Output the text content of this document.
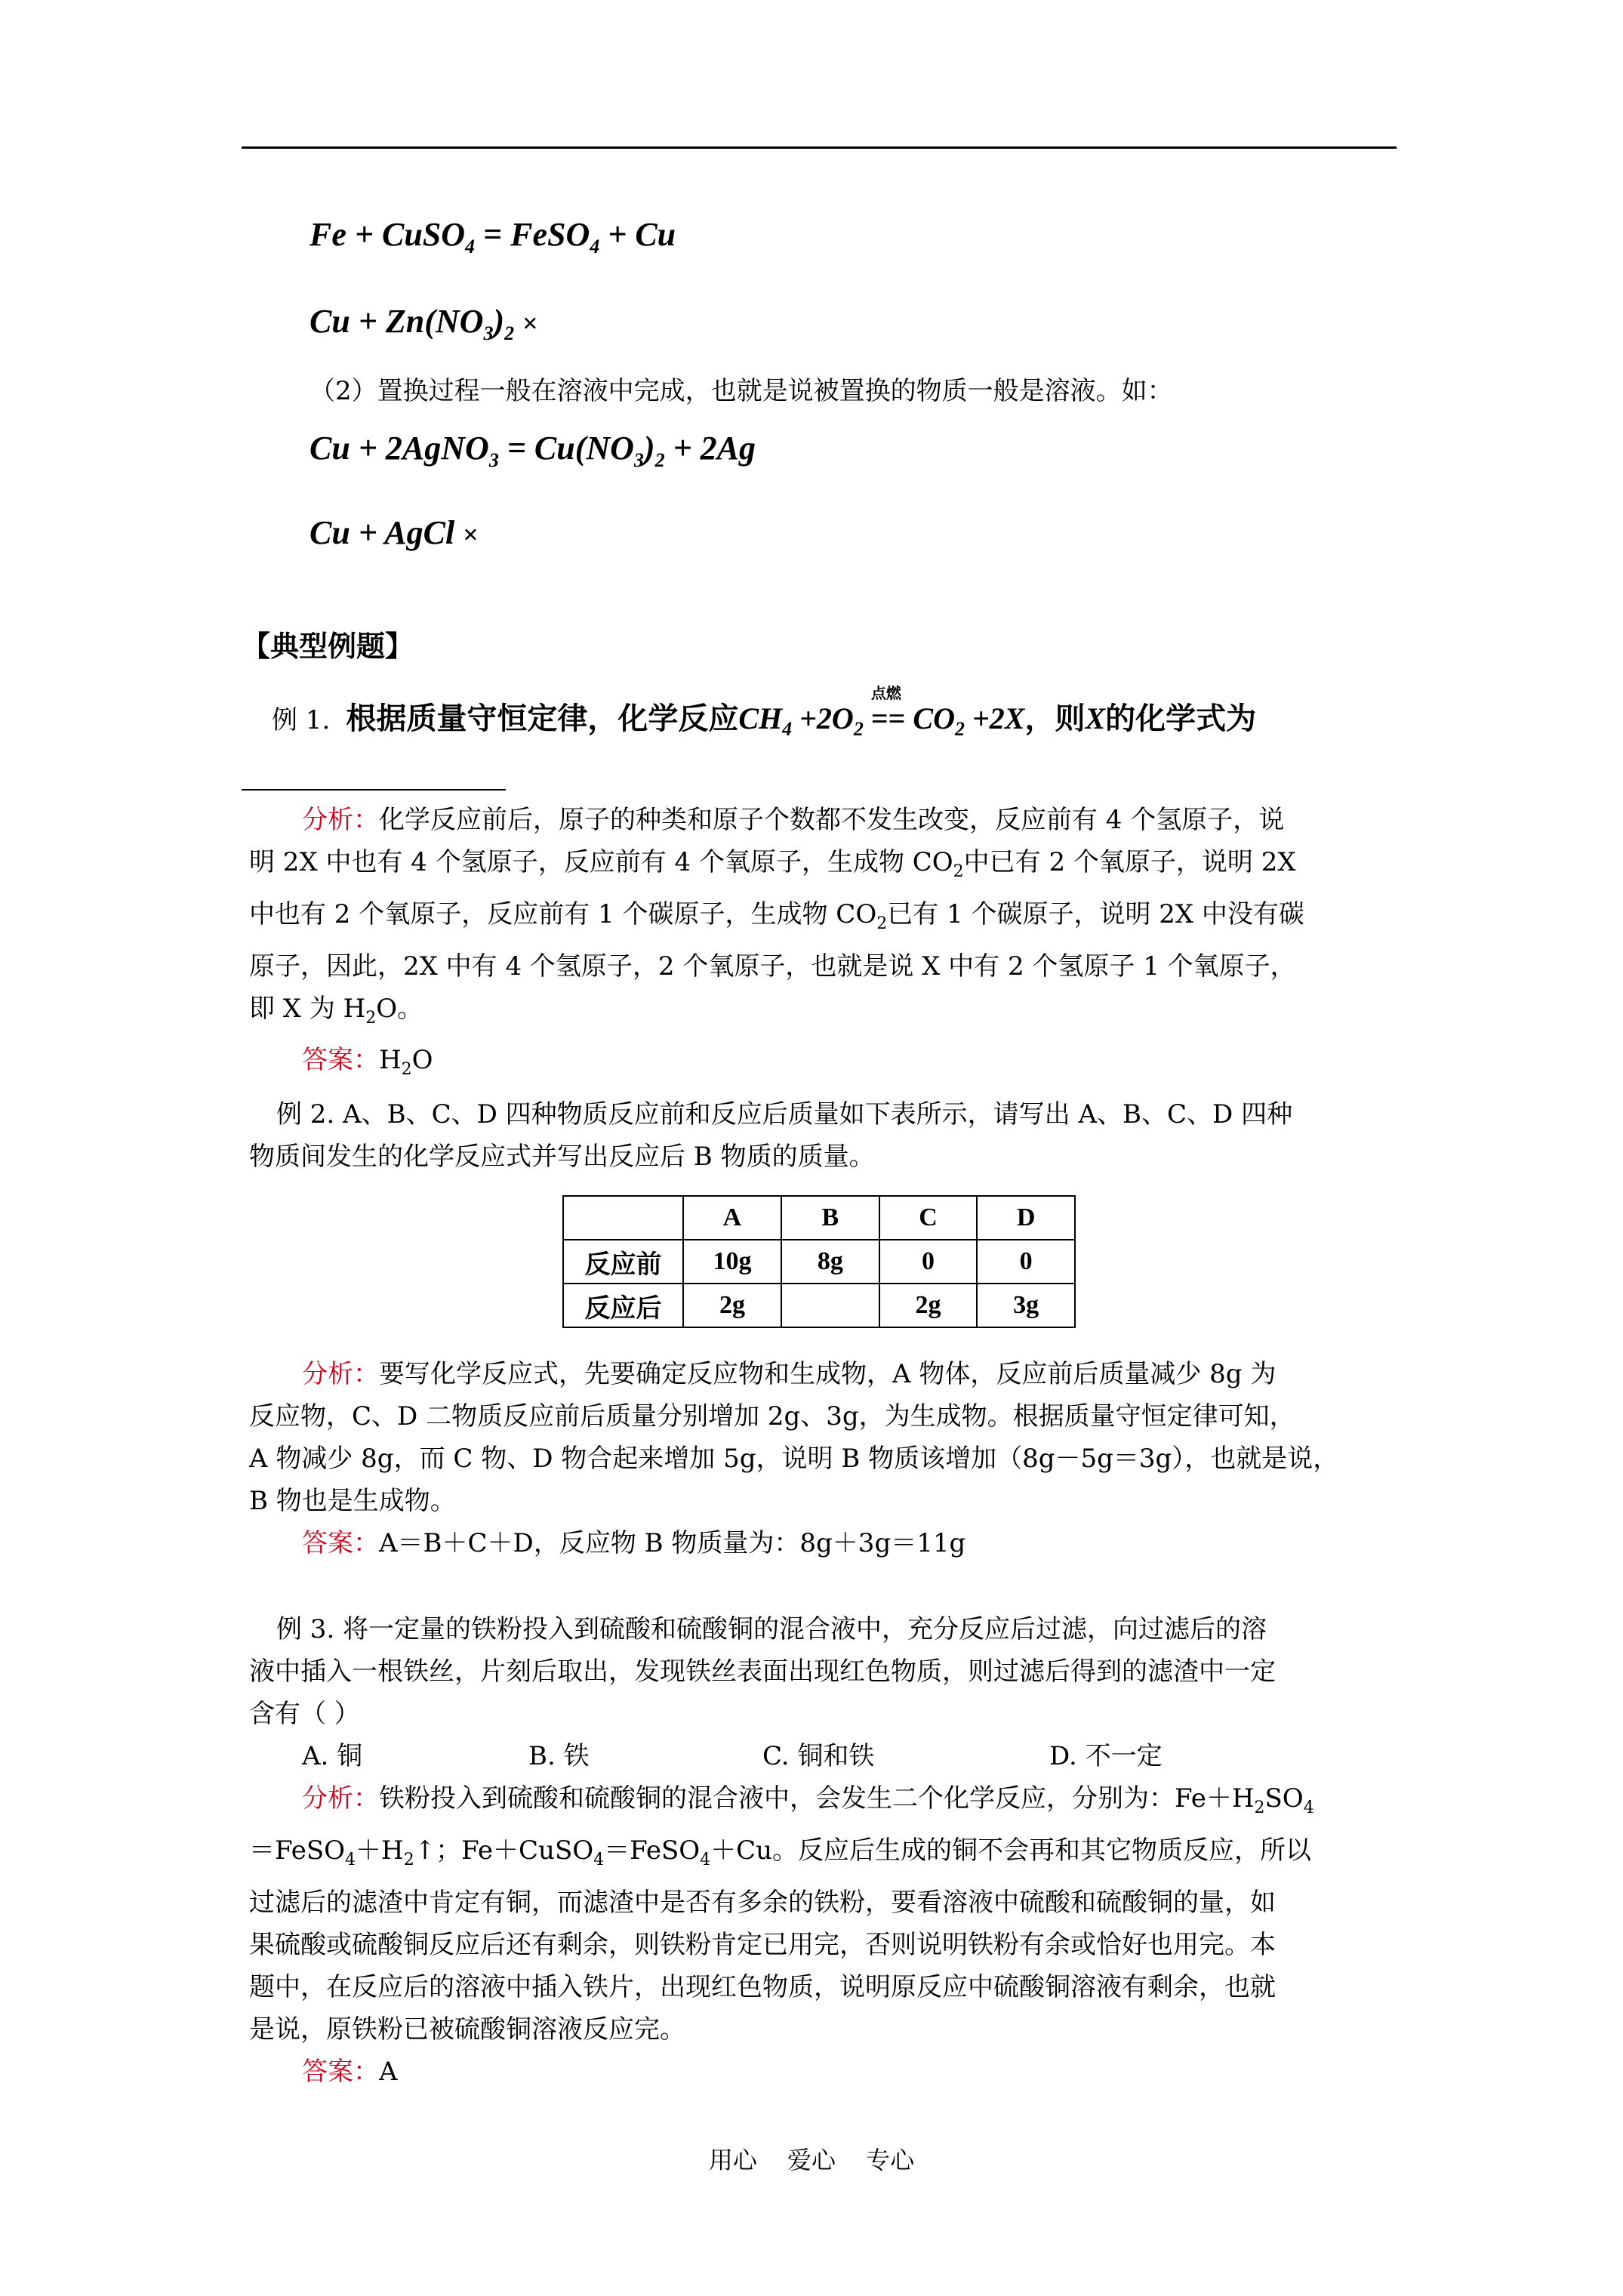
Fe + CuSO$_4$ = FeSO$_4$ + Cu
$Cu + Zn(NO_3)_2$ ×
（2）置换过程一般在溶液中完成，也就是说被置换的物质一般是溶液。如：
Cu + 2AgNO$_3$ = $Cu(NO_3)_2 + 2Ag$
Cu + AgCl ×
【典型例题】
例 1. 根据质量守恒定律，化学反应$CH_4 +2O_2$
点燃
== $CO_2 +2X$，则X的化学式为
分析：化学反应前后，原子的种类和原子个数都不发生改变，反应前有 4 个氢原子，说
明 2X 中也有 4 个氢原子，反应前有 4 个氧原子，生成物 $CO_2$中已有 2 个氧原子，说明 2X
中也有 2 个氧原子，反应前有 1 个碳原子，生成物 $CO_2$已有 1 个碳原子，说明 2X 中没有碳
原子，因此，2X 中有 4 个氢原子，2 个氧原子，也就是说 X 中有 2 个氢原子 1 个氧原子，
即 X 为 $H_2O$。
答案：$H_2O$
例 2. A、B、C、D 四种物质反应前和反应后质量如下表所示，请写出 A、B、C、D 四种
物质间发生的化学反应式并写出反应后 B 物质的质量。
	A	B	C	D
反应前	10g	8g	0	0
反应后	2g		2g	3g
分析：要写化学反应式，先要确定反应物和生成物，A 物体，反应前后质量减少 8g 为
反应物，C、D 二物质反应前后质量分别增加 2g、3g，为生成物。根据质量守恒定律可知，
A 物减少 8g，而 C 物、D 物合起来增加 5g，说明 B 物质该增加（8g－5g＝3g），也就是说，
B 物也是生成物。
答案：A＝B＋C＋D，反应物 B 物质量为：8g＋3g＝11g
例 3. 将一定量的铁粉投入到硫酸和硫酸铜的混合液中，充分反应后过滤，向过滤后的溶
液中插入一根铁丝，片刻后取出，发现铁丝表面出现红色物质，则过滤后得到的滤渣中一定
含有（ ）
A. 铜	B. 铁	C. 铜和铁	D. 不一定
分析：铁粉投入到硫酸和硫酸铜的混合液中，会发生二个化学反应，分别为：$Fe+H_2SO_4$
$=FeSO_4+H_2↑$；Fe＋CuSO$_4$＝FeSO$_4$＋Cu。反应后生成的铜不会再和其它物质反应，所以
过滤后的滤渣中肯定有铜，而滤渣中是否有多余的铁粉，要看溶液中硫酸和硫酸铜的量，如
果硫酸或硫酸铜反应后还有剩余，则铁粉肯定已用完，否则说明铁粉有余或恰好也用完。本
题中，在反应后的溶液中插入铁片，出现红色物质，说明原反应中硫酸铜溶液有剩余，也就
是说，原铁粉已被硫酸铜溶液反应完。
答案：A
用心 爱心 专心
